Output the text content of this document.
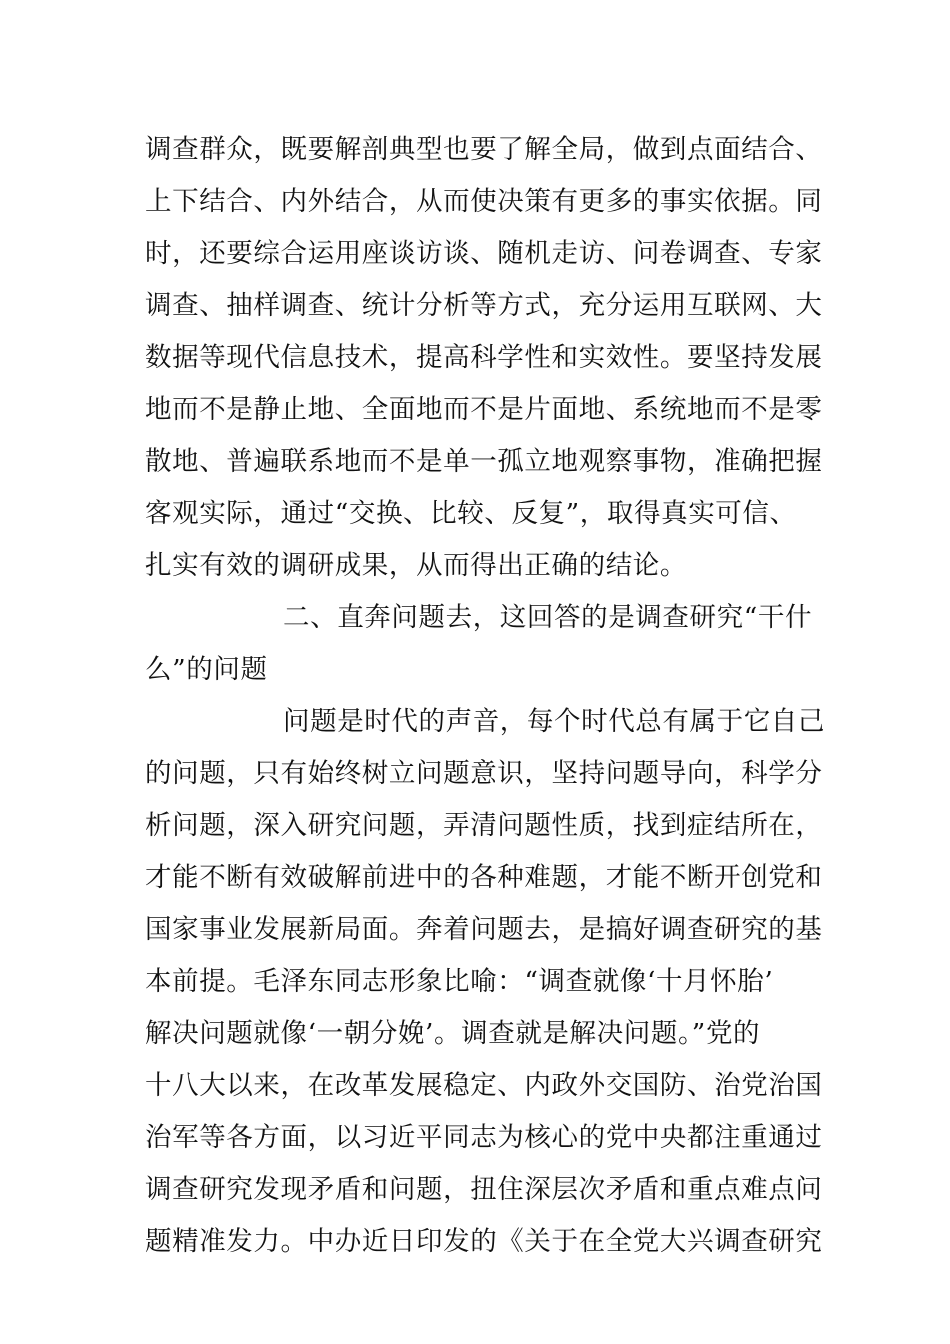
调查群众，既要解剖典型也要了解全局，做到点面结合、
上下结合、内外结合，从而使决策有更多的事实依据。同
时，还要综合运用座谈访谈、随机走访、问卷调查、专家
调查、抽样调查、统计分析等方式，充分运用互联网、大
数据等现代信息技术，提高科学性和实效性。要坚持发展
地而不是静止地、全面地而不是片面地、系统地而不是零
散地、普遍联系地而不是单一孤立地观察事物，准确把握
客观实际，通过“交换、比较、反复”，取得真实可信、
扎实有效的调研成果，从而得出正确的结论。
二、直奔问题去，这回答的是调查研究“干什
么”的问题
问题是时代的声音，每个时代总有属于它自己
的问题，只有始终树立问题意识，坚持问题导向，科学分
析问题，深入研究问题，弄清问题性质，找到症结所在，
才能不断有效破解前进中的各种难题，才能不断开创党和
国家事业发展新局面。奔着问题去，是搞好调查研究的基
本前提。毛泽东同志形象比喻：“调查就像‘十月怀胎’
解决问题就像‘一朝分娩’。调查就是解决问题。”党的
十八大以来，在改革发展稳定、内政外交国防、治党治国
治军等各方面，以习近平同志为核心的党中央都注重通过
调查研究发现矛盾和问题，扭住深层次矛盾和重点难点问
题精准发力。中办近日印发的《关于在全党大兴调查研究
